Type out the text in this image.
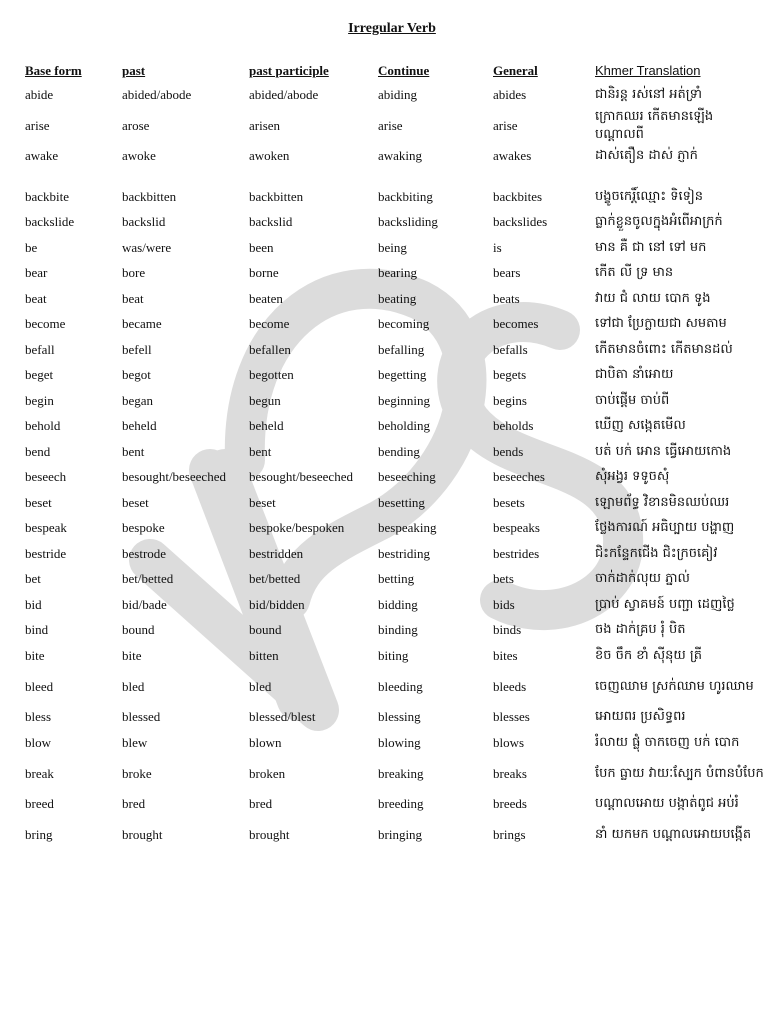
Irregular Verb
Base form	past	past participle	Continue	General	Khmer Translation
abide	abided/abode	abided/abode	abiding	abides	ជានិរន្ត រស់នៅ អត់ទ្រាំ
arise	arose	arisen	arise	arise	ក្រោកឈរ កើតមានឡើង បណ្ដាលពី
awake	awoke	awoken	awaking	awakes	ដាស់តឿន ដាស់ ភ្ញាក់

backbite	backbitten	backbitten	backbiting	backbites	បង្ខូចកេរ្ដិ៍ឈ្មោះ ទិទៀន
backslide	backslid	backslid	backsliding	backslides	ធ្លាក់ខ្លួនចូលក្នុងអំពើអាក្រក់
be	was/were	been	being	is	មាន គឺ ជា នៅ ទៅ មក
bear	bore	borne	bearing	bears	កើត លី ទ្រ មាន
beat	beat	beaten	beating	beats	វាយ ជំ លាយ បោក ទូង
become	became	become	becoming	becomes	ទៅជា ប្រែក្លាយជា សមតាម
befall	befell	befallen	befalling	befalls	កើតមានចំពោះ កើតមានដល់
beget	begot	begotten	begetting	begets	ជាបិតា នាំអោយ
begin	began	begun	beginning	begins	ចាប់ផ្ដើម ចាប់ពី
behold	beheld	beheld	beholding	beholds	ឃើញ សង្កេតមើល
bend	bent	bent	bending	bends	បត់ បក់ អោន ធ្វើអោយកោង
beseech	besought/beseeched	besought/beseeched	beseeching	beseeches	សុំអង្វរ ទទូចសុំ
beset	beset	beset	besetting	besets	ឡោមព័ទ្ធ វិខានមិនឈប់ឈរ
bespeak	bespoke	bespoke/bespoken	bespeaking	bespeaks	ថ្លែងការណ៍ អធិប្បាយ បង្ហាញ
bestride	bestrode	bestridden	bestriding	bestrides	ជិះកន្ទែកជើង ជិះក្រចគៀវ
bet	bet/betted	bet/betted	betting	bets	ចាក់ដាក់លុយ ភ្នាល់
bid	bid/bade	bid/bidden	bidding	bids	ប្រាប់ ស្វាគមន៍ បញ្ជា ដេញថ្លៃ
bind	bound	bound	binding	binds	ចង ដាក់គ្រប រុំ បិត
bite	bite	bitten	biting	bites	ខិច ចឹក ខាំ ស៊ីនុយ ត្រី
bleed	bled	bled	bleeding	bleeds	ចេញឈាម ស្រក់ឈាម ហូរឈាម
bless	blessed	blessed/blest	blessing	blesses	អោយពរ ប្រសិទ្ធពរ
blow	blew	blown	blowing	blows	រំលាយ ផ្លុំ ចាកចេញ បក់ បោក
break	broke	broken	breaking	breaks	បែក ធ្លាយ វាយៈស្បែក បំពានបំបែក
breed	bred	bred	breeding	breeds	បណ្ដាលអោយ បង្កាត់ពូជ អប់រំ
bring	brought	brought	bringing	brings	នាំ យកមក បណ្ដាលអោយបង្កើត
